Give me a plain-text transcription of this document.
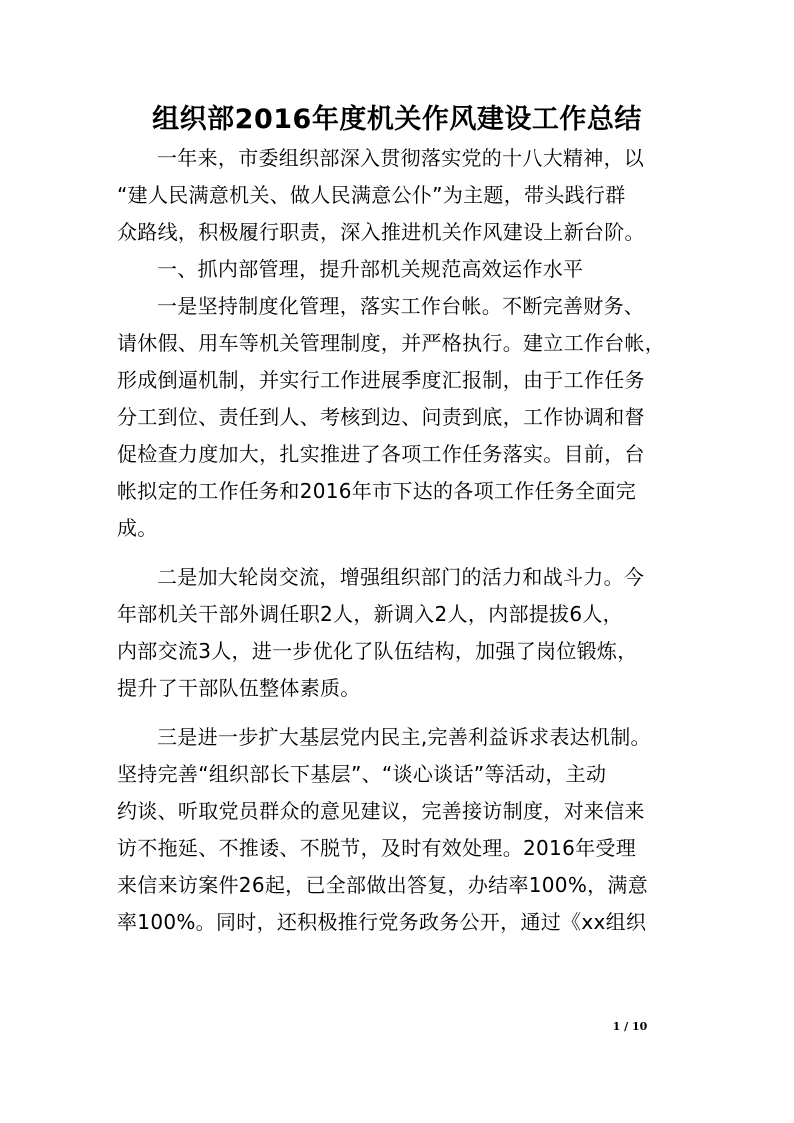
组织部2016年度机关作风建设工作总结
一年来，市委组织部深入贯彻落实党的十八大精神，以
“建人民满意机关、做人民满意公仆”为主题，带头践行群
众路线，积极履行职责，深入推进机关作风建设上新台阶。
一、抓内部管理，提升部机关规范高效运作水平
一是坚持制度化管理，落实工作台帐。不断完善财务、
请休假、用车等机关管理制度，并严格执行。建立工作台帐，
形成倒逼机制，并实行工作进展季度汇报制，由于工作任务
分工到位、责任到人、考核到边、问责到底，工作协调和督
促检查力度加大，扎实推进了各项工作任务落实。目前，台
帐拟定的工作任务和2016年市下达的各项工作任务全面完
成。
二是加大轮岗交流，增强组织部门的活力和战斗力。今
年部机关干部外调任职2人，新调入2人，内部提拔6人，
内部交流3人，进一步优化了队伍结构，加强了岗位锻炼，
提升了干部队伍整体素质。
三是进一步扩大基层党内民主,完善利益诉求表达机制。
坚持完善“组织部长下基层”、“谈心谈话”等活动，主动
约谈、听取党员群众的意见建议，完善接访制度，对来信来
访不拖延、不推诿、不脱节，及时有效处理。2016年受理
来信来访案件26起，已全部做出答复，办结率100%，满意
率100%。同时，还积极推行党务政务公开，通过《xx组织
1 / 10
